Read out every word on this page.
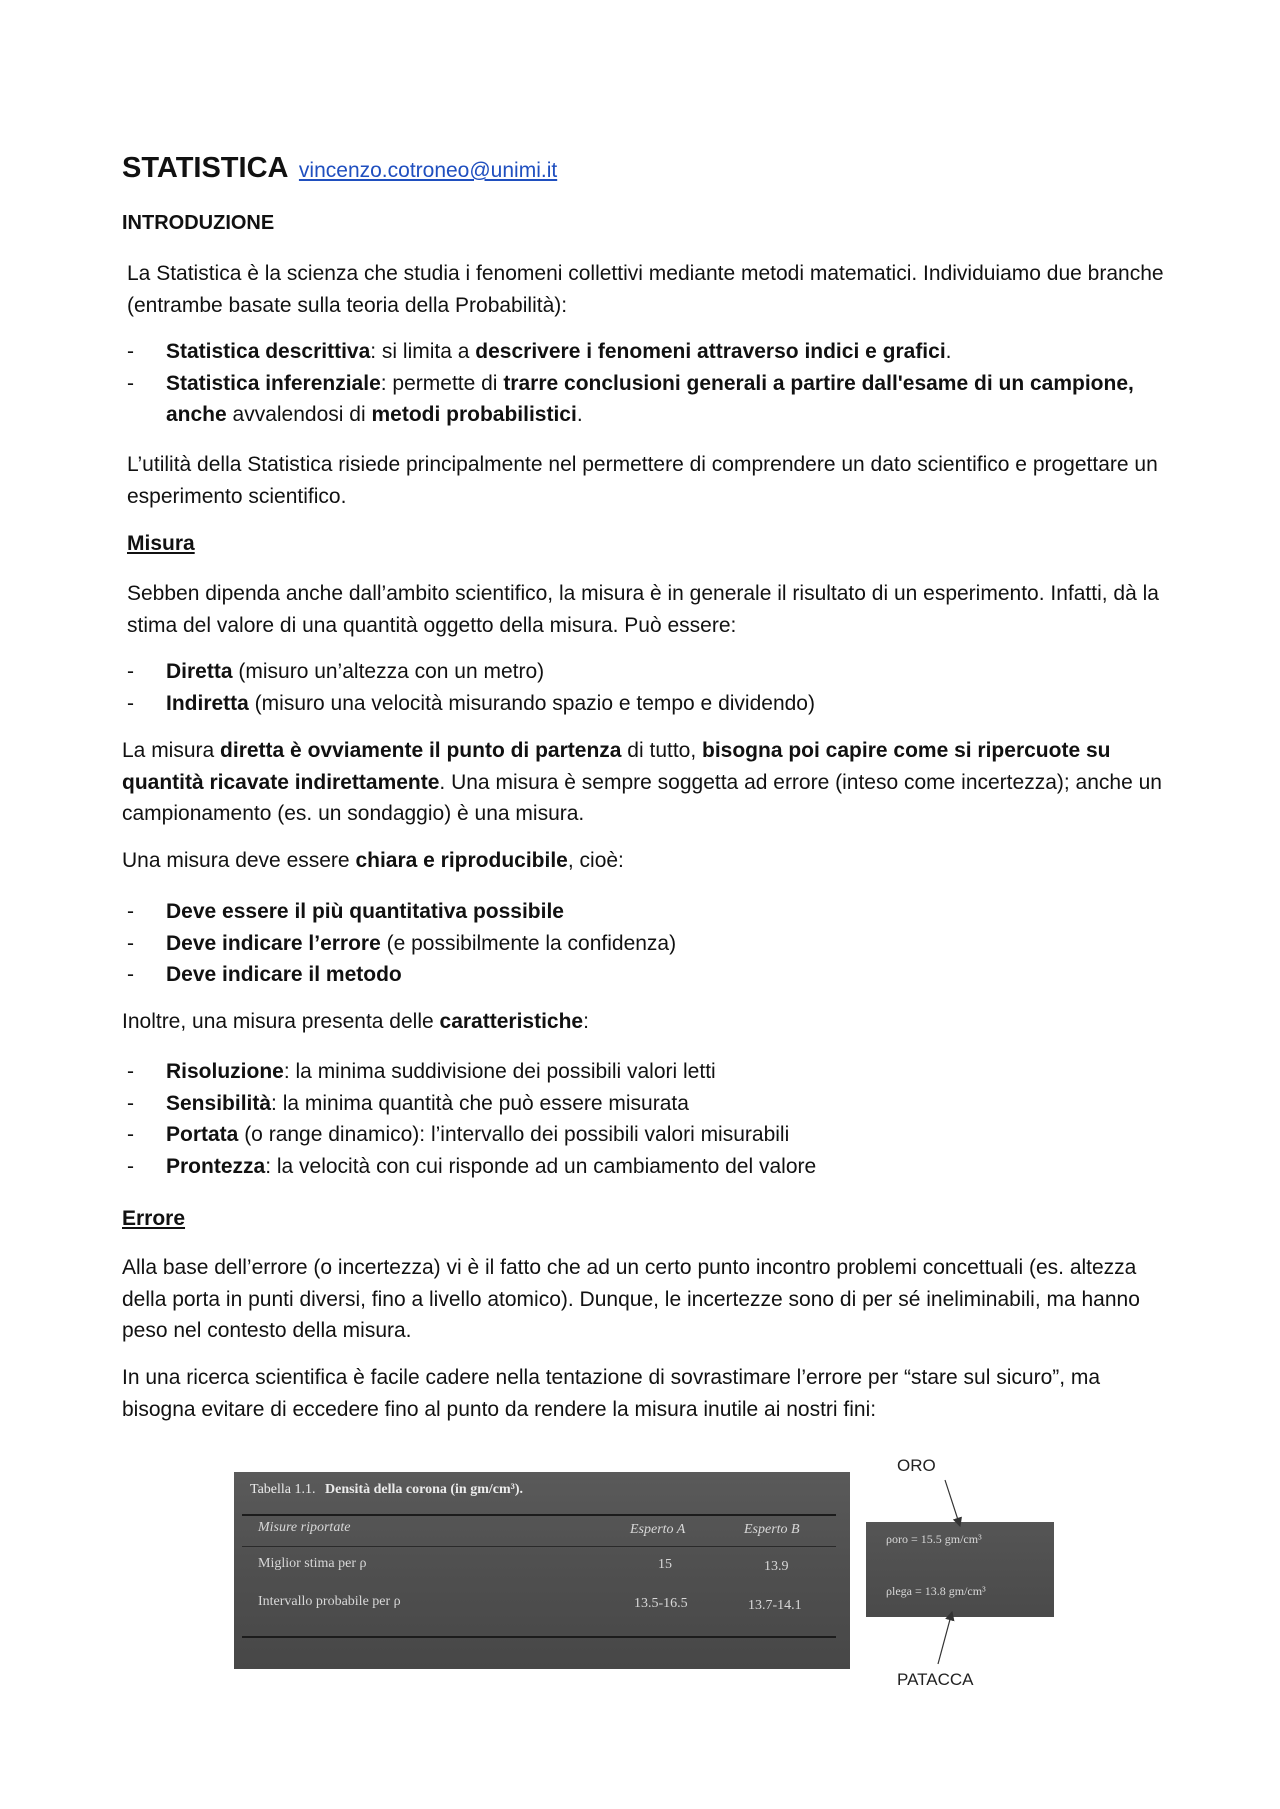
STATISTICA vincenzo.cotroneo@unimi.it

INTRODUZIONE

La Statistica è la scienza che studia i fenomeni collettivi mediante metodi matematici. Individuiamo due branche (entrambe basate sulla teoria della Probabilità):

- Statistica descrittiva: si limita a descrivere i fenomeni attraverso indici e grafici.
- Statistica inferenziale: permette di trarre conclusioni generali a partire dall'esame di un campione, anche avvalendosi di metodi probabilistici.

L’utilità della Statistica risiede principalmente nel permettere di comprendere un dato scientifico e progettare un esperimento scientifico.

Misura

Sebben dipenda anche dall’ambito scientifico, la misura è in generale il risultato di un esperimento. Infatti, dà la stima del valore di una quantità oggetto della misura. Può essere:

- Diretta (misuro un’altezza con un metro)
- Indiretta (misuro una velocità misurando spazio e tempo e dividendo)

La misura diretta è ovviamente il punto di partenza di tutto, bisogna poi capire come si ripercuote su quantità ricavate indirettamente. Una misura è sempre soggetta ad errore (inteso come incertezza); anche un campionamento (es. un sondaggio) è una misura.

Una misura deve essere chiara e riproducibile, cioè:

- Deve essere il più quantitativa possibile
- Deve indicare l’errore (e possibilmente la confidenza)
- Deve indicare il metodo

Inoltre, una misura presenta delle caratteristiche:

- Risoluzione: la minima suddivisione dei possibili valori letti
- Sensibilità: la minima quantità che può essere misurata
- Portata (o range dinamico): l’intervallo dei possibili valori misurabili
- Prontezza: la velocità con cui risponde ad un cambiamento del valore

Errore

Alla base dell’errore (o incertezza) vi è il fatto che ad un certo punto incontro problemi concettuali (es. altezza della porta in punti diversi, fino a livello atomico). Dunque, le incertezze sono di per sé ineliminabili, ma hanno peso nel contesto della misura.

In una ricerca scientifica è facile cadere nella tentazione di sovrastimare l’errore per “stare sul sicuro”, ma bisogna evitare di eccedere fino al punto da rendere la misura inutile ai nostri fini:

Tabella 1.1. Densità della corona (in gm/cm³).
Misure riportate	Esperto A	Esperto B
Miglior stima per ρ	15	13.9
Intervallo probabile per ρ	13.5-16.5	13.7-14.1
ρoro = 15.5 gm/cm³
ρlega = 13.8 gm/cm³
ORO
PATACCA
